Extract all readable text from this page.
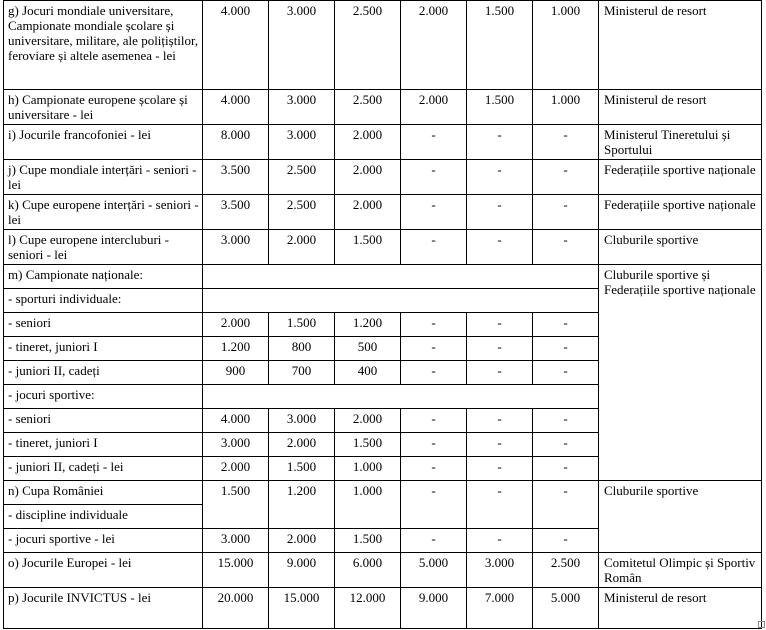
g) Jocuri mondiale universitare, Campionate mondiale școlare și universitare, militare, ale polițiștilor, feroviare și altele asemenea - lei	4.000	3.000	2.500	2.000	1.500	1.000	Ministerul de resort
h) Campionate europene școlare și universitare - lei	4.000	3.000	2.500	2.000	1.500	1.000	Ministerul de resort
i) Jocurile francofoniei - lei	8.000	3.000	2.000	-	-	-	Ministerul Tineretului și Sportului
j) Cupe mondiale interțări - seniori - lei	3.500	2.500	2.000	-	-	-	Federațiile sportive naționale
k) Cupe europene interțări - seniori - lei	3.500	2.500	2.000	-	-	-	Federațiile sportive naționale
l) Cupe europene intercluburi - seniori - lei	3.000	2.000	1.500	-	-	-	Cluburile sportive
m) Campionate naționale:							Cluburile sportive și Federațiile sportive naționale
- sporturi individuale:							
- seniori	2.000	1.500	1.200	-	-	-	
- tineret, juniori I	1.200	800	500	-	-	-	
- juniori II, cadeți	900	700	400	-	-	-	
- jocuri sportive:							
- seniori	4.000	3.000	2.000	-	-	-	
- tineret, juniori I	3.000	2.000	1.500	-	-	-	
- juniori II, cadeți - lei	2.000	1.500	1.000	-	-	-	
n) Cupa României	1.500	1.200	1.000	-	-	-	Cluburile sportive
- discipline individuale							
- jocuri sportive - lei	3.000	2.000	1.500	-	-	-	
o) Jocurile Europei - lei	15.000	9.000	6.000	5.000	3.000	2.500	Comitetul Olimpic și Sportiv Român
p) Jocurile INVICTUS - lei	20.000	15.000	12.000	9.000	7.000	5.000	Ministerul de resort
